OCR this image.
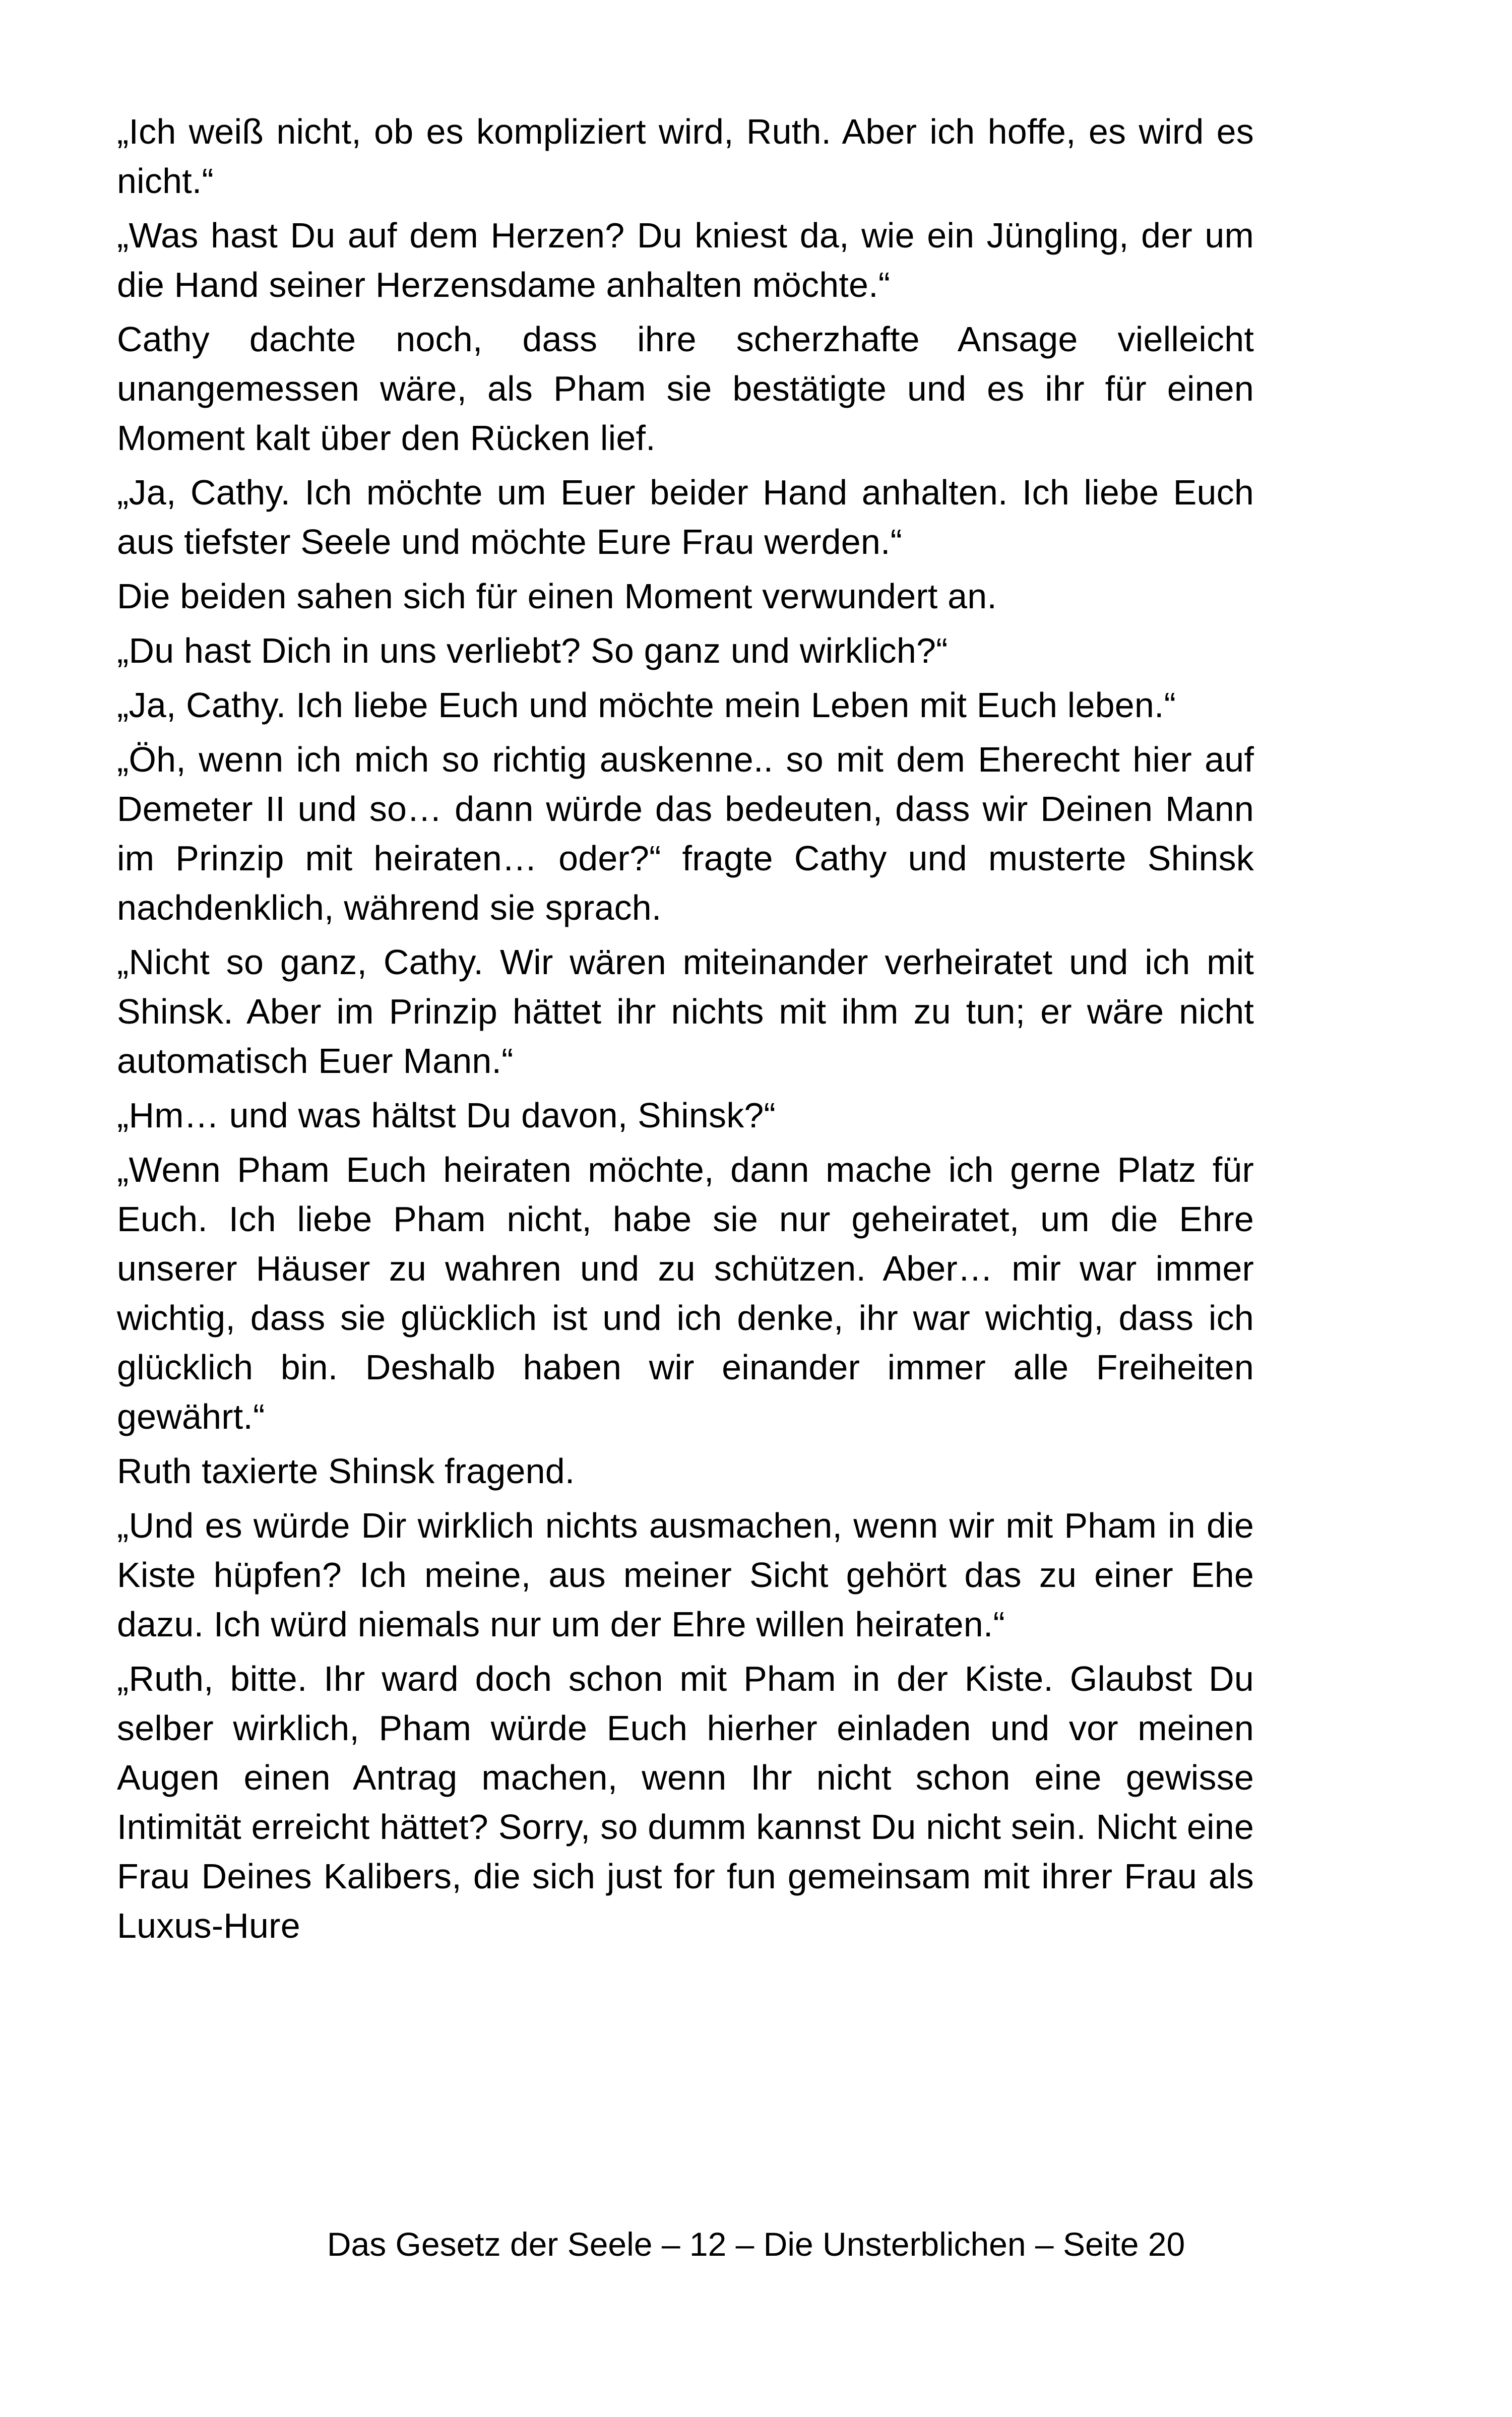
„Ich weiß nicht, ob es kompliziert wird, Ruth. Aber ich hoffe, es wird es nicht.“

„Was hast Du auf dem Herzen? Du kniest da, wie ein Jüngling, der um die Hand seiner Herzensdame anhalten möchte.“

Cathy dachte noch, dass ihre scherzhafte Ansage vielleicht unangemessen wäre, als Pham sie bestätigte und es ihr für einen Moment kalt über den Rücken lief.

„Ja, Cathy. Ich möchte um Euer beider Hand anhalten. Ich liebe Euch aus tiefster Seele und möchte Eure Frau werden.“

Die beiden sahen sich für einen Moment verwundert an.

„Du hast Dich in uns verliebt? So ganz und wirklich?“

„Ja, Cathy. Ich liebe Euch und möchte mein Leben mit Euch leben.“

„Öh, wenn ich mich so richtig auskenne.. so mit dem Eherecht hier auf Demeter II und so… dann würde das bedeuten, dass wir Deinen Mann im Prinzip mit heiraten… oder?“ fragte Cathy und musterte Shinsk nachdenklich, während sie sprach.

„Nicht so ganz, Cathy. Wir wären miteinander verheiratet und ich mit Shinsk. Aber im Prinzip hättet ihr nichts mit ihm zu tun; er wäre nicht automatisch Euer Mann.“

„Hm… und was hältst Du davon, Shinsk?“

„Wenn Pham Euch heiraten möchte, dann mache ich gerne Platz für Euch. Ich liebe Pham nicht, habe sie nur geheiratet, um die Ehre unserer Häuser zu wahren und zu schützen. Aber… mir war immer wichtig, dass sie glücklich ist und ich denke, ihr war wichtig, dass ich glücklich bin. Deshalb haben wir einander immer alle Freiheiten gewährt.“

Ruth taxierte Shinsk fragend.

„Und es würde Dir wirklich nichts ausmachen, wenn wir mit Pham in die Kiste hüpfen? Ich meine, aus meiner Sicht gehört das zu einer Ehe dazu. Ich würd niemals nur um der Ehre willen heiraten.“

„Ruth, bitte. Ihr ward doch schon mit Pham in der Kiste. Glaubst Du selber wirklich, Pham würde Euch hierher einladen und vor meinen Augen einen Antrag machen, wenn Ihr nicht schon eine gewisse Intimität erreicht hättet? Sorry, so dumm kannst Du nicht sein. Nicht eine Frau Deines Kalibers, die sich just for fun gemeinsam mit ihrer Frau als Luxus-Hure

Das Gesetz der Seele – 12 – Die Unsterblichen – Seite 20
